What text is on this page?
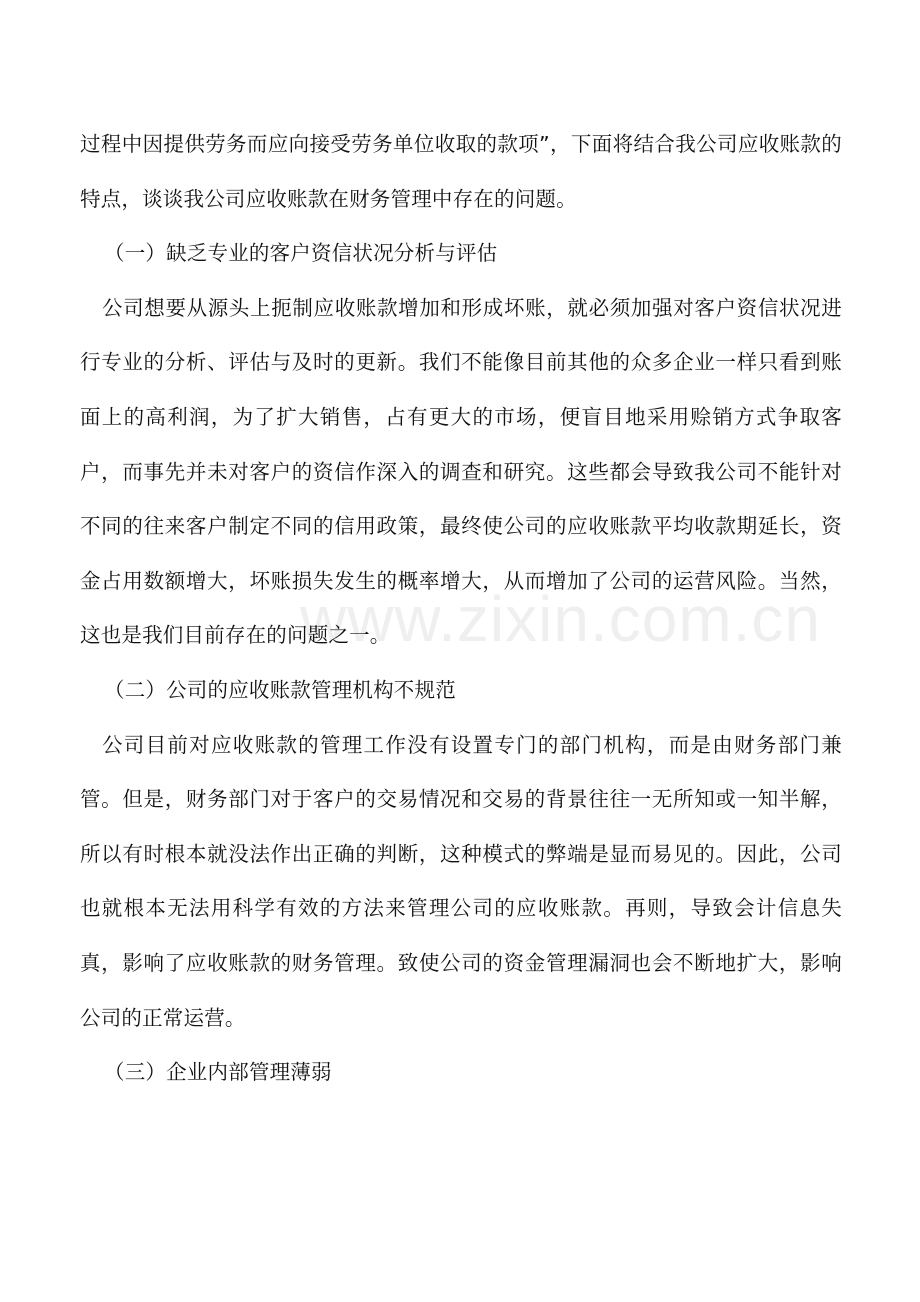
www.zixin.com.cn

过程中因提供劳务而应向接受劳务单位收取的款项”，下面将结合我公司应收账款的特点，谈谈我公司应收账款在财务管理中存在的问题。

（一）缺乏专业的客户资信状况分析与评估

公司想要从源头上扼制应收账款增加和形成坏账，就必须加强对客户资信状况进行专业的分析、评估与及时的更新。我们不能像目前其他的众多企业一样只看到账面上的高利润，为了扩大销售，占有更大的市场，便盲目地采用赊销方式争取客户，而事先并未对客户的资信作深入的调查和研究。这些都会导致我公司不能针对不同的往来客户制定不同的信用政策，最终使公司的应收账款平均收款期延长，资金占用数额增大，坏账损失发生的概率增大，从而增加了公司的运营风险。当然，这也是我们目前存在的问题之一。

（二）公司的应收账款管理机构不规范

公司目前对应收账款的管理工作没有设置专门的部门机构，而是由财务部门兼管。但是，财务部门对于客户的交易情况和交易的背景往往一无所知或一知半解，所以有时根本就没法作出正确的判断，这种模式的弊端是显而易见的。因此，公司也就根本无法用科学有效的方法来管理公司的应收账款。再则，导致会计信息失真，影响了应收账款的财务管理。致使公司的资金管理漏洞也会不断地扩大，影响公司的正常运营。

（三）企业内部管理薄弱
